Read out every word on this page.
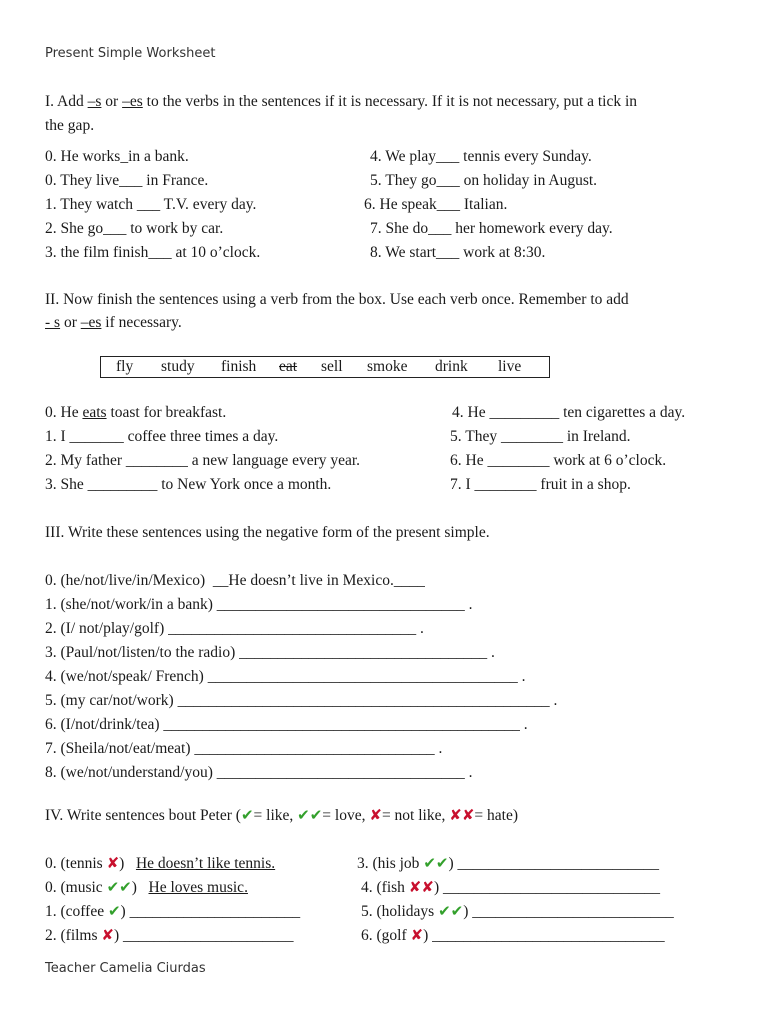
Present Simple Worksheet
I. Add –s or –es to the verbs in the sentences if it is necessary. If it is not necessary, put a tick in
the gap.
0. He works_in a bank.
0. They live___ in France.
1. They watch ___ T.V. every day.
2. She go___ to work by car.
3. the film finish___ at 10 o’clock.
4. We play___ tennis every Sunday.
5. They go___ on holiday in August.
6. He speak___ Italian.
7. She do___ her homework every day.
8. We start___ work at 8:30.
II. Now finish the sentences using a verb from the box. Use each verb once. Remember to add
- s or –es if necessary.
fly study finish eat sell smoke drink live
0. He eats toast for breakfast.
1. I _______ coffee three times a day.
2. My father ________ a new language every year.
3. She _________ to New York once a month.
4. He _________ ten cigarettes a day.
5. They ________ in Ireland.
6. He ________ work at 6 o’clock.
7. I ________ fruit in a shop.
III. Write these sentences using the negative form of the present simple.
0. (he/not/live/in/Mexico) __He doesn’t live in Mexico.____
1. (she/not/work/in a bank) ________________________________ .
2. (I/ not/play/golf) ________________________________ .
3. (Paul/not/listen/to the radio) ________________________________ .
4. (we/not/speak/ French) ________________________________________ .
5. (my car/not/work) ________________________________________________ .
6. (I/not/drink/tea) ______________________________________________ .
7. (Sheila/not/eat/meat) _______________________________ .
8. (we/not/understand/you) ________________________________ .
IV. Write sentences bout Peter (✔= like, ✔✔= love, ✘= not like, ✘✘= hate)
0. (tennis ✘) He doesn’t like tennis.
0. (music ✔✔) He loves music.
1. (coffee ✔) ______________________
2. (films ✘) ______________________
3. (his job ✔✔) __________________________
4. (fish ✘✘) ____________________________
5. (holidays ✔✔) __________________________
6. (golf ✘) ______________________________
Teacher Camelia Ciurdas
